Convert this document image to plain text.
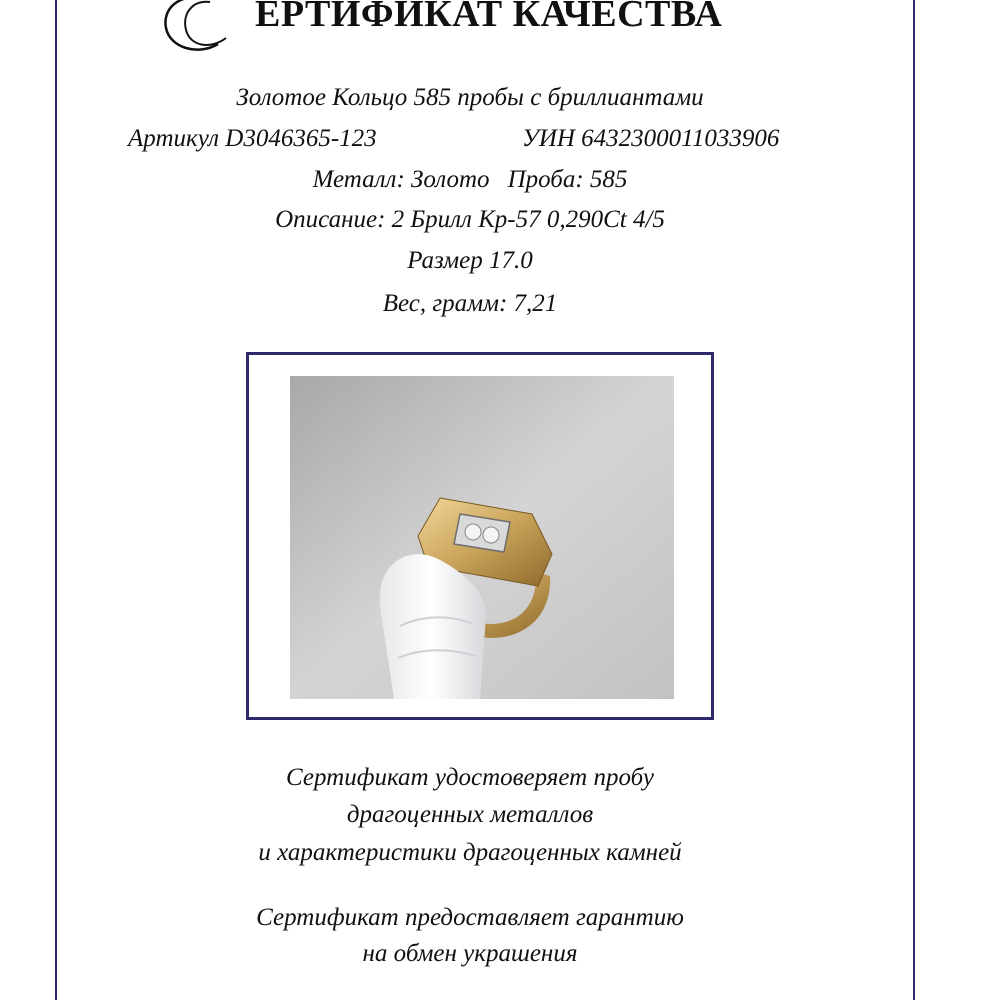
ЕРТИФИКАТ КАЧЕСТВА
Золотое Кольцо 585 пробы с бриллиантами
Артикул D3046365-123	УИН 6432300011033906
Металл: Золото Проба: 585
Описание: 2 Брилл Кр-57 0,290Ct 4/5
Размер 17.0
Вес, грамм: 7,21
Сертификат удостоверяет пробу
драгоценных металлов
и характеристики драгоценных камней
Сертификат предоставляет гарантию
на обмен украшения
